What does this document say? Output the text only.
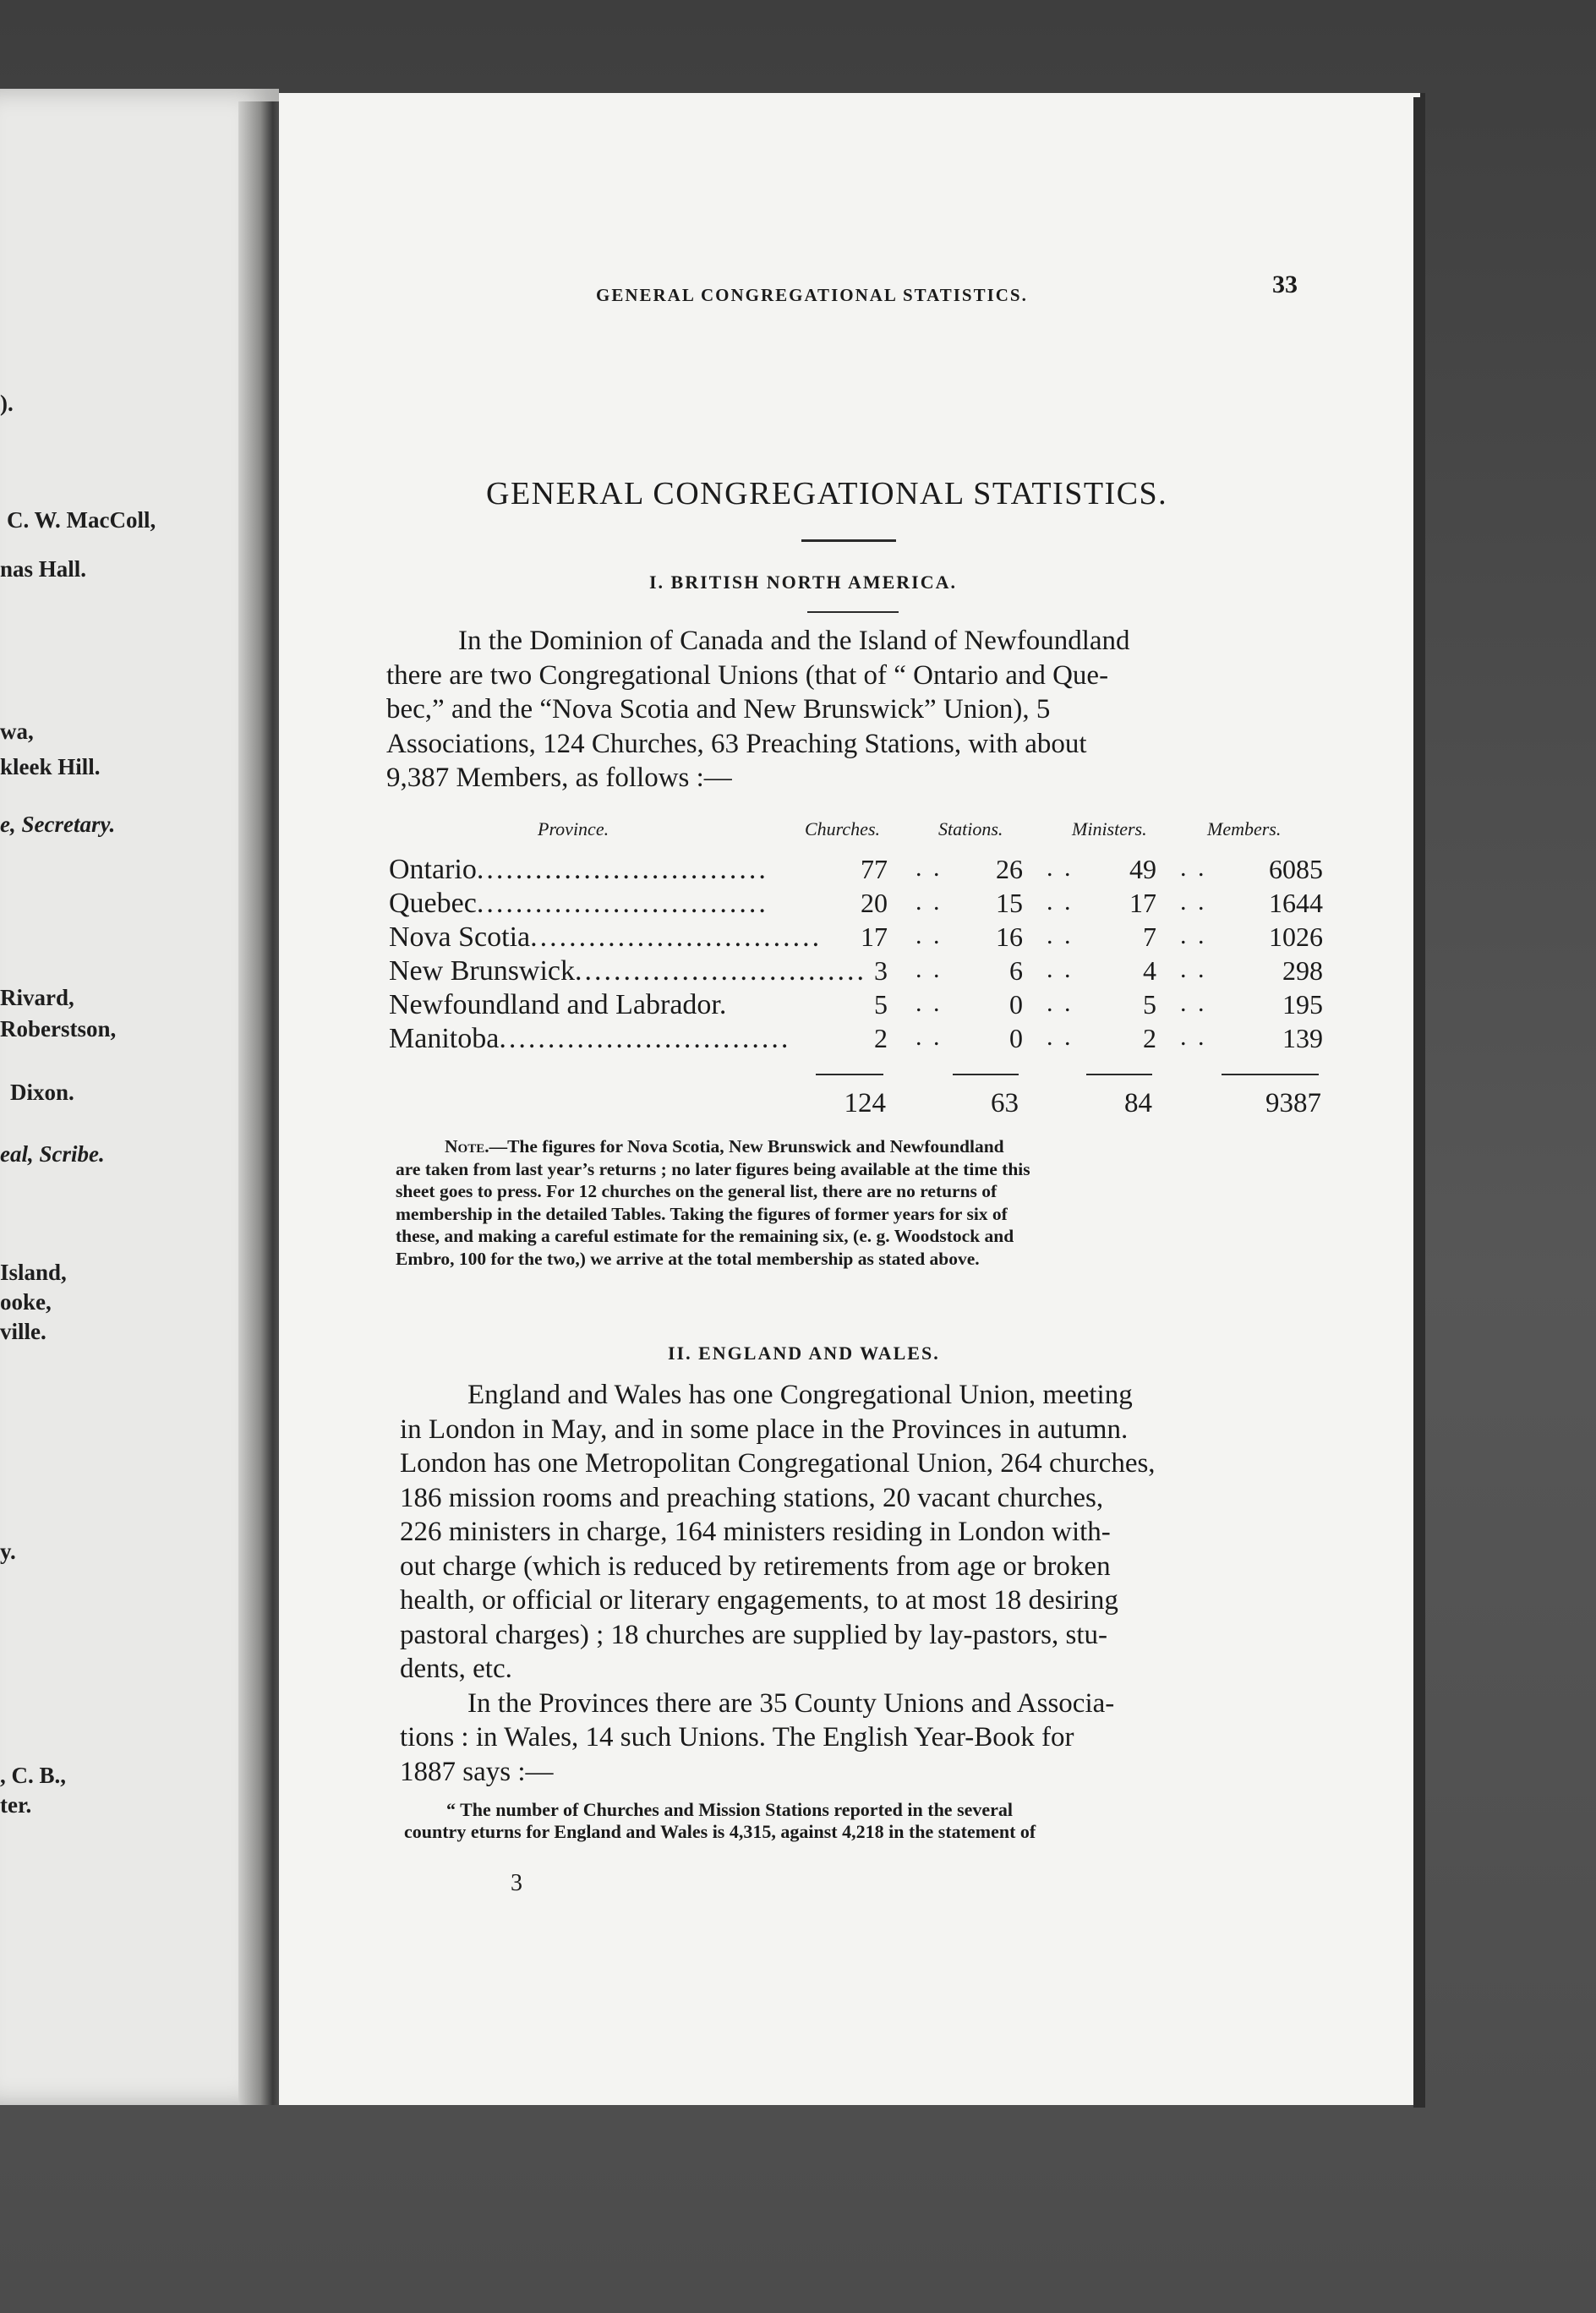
).
C. W. MacColl,
nas Hall.
wa,
kleek Hill.
e, Secretary.
Rivard,
Roberstson,
Dixon.
eal, Scribe.
Island,
ooke,
ville.
y.
, C. B.,
ter.
GENERAL CONGREGATIONAL STATISTICS.	33
GENERAL CONGREGATIONAL STATISTICS.
I. BRITISH NORTH AMERICA.
In the Dominion of Canada and the Island of Newfoundland
there are two Congregational Unions (that of “ Ontario and Que-
bec,” and the “Nova Scotia and New Brunswick” Union), 5
Associations, 124 Churches, 63 Preaching Stations, with about
9,387 Members, as follows :—
Province.	Churches.	Stations.	Ministers.	Members.
Ontario..............................	77 . .	26 . .	49 . .	6085
Quebec..............................	20 . .	15 . .	17 . .	1644
Nova Scotia..............................	17 . .	16 . .	7 . .	1026
New Brunswick.............................. 3 . .	6 . .	4 . .	298
Newfoundland and Labrador.	5 . .	0 . .	5 . .	195
Manitoba..............................	2 . .	0 . .	2 . .	139
124	63	84	9387
Note.—The figures for Nova Scotia, New Brunswick and Newfoundland
are taken from last year’s returns ; no later figures being available at the time this
sheet goes to press. For 12 churches on the general list, there are no returns of
membership in the detailed Tables. Taking the figures of former years for six of
these, and making a careful estimate for the remaining six, (e. g. Woodstock and
Embro, 100 for the two,) we arrive at the total membership as stated above.
II. ENGLAND AND WALES.
England and Wales has one Congregational Union, meeting
in London in May, and in some place in the Provinces in autumn.
London has one Metropolitan Congregational Union, 264 churches,
186 mission rooms and preaching stations, 20 vacant churches,
226 ministers in charge, 164 ministers residing in London with-
out charge (which is reduced by retirements from age or broken
health, or official or literary engagements, to at most 18 desiring
pastoral charges) ; 18 churches are supplied by lay-pastors, stu-
dents, etc.
In the Provinces there are 35 County Unions and Associa-
tions : in Wales, 14 such Unions. The English Year-Book for
1887 says :—
“ The number of Churches and Mission Stations reported in the several
country eturns for England and Wales is 4,315, against 4,218 in the statement of
3
